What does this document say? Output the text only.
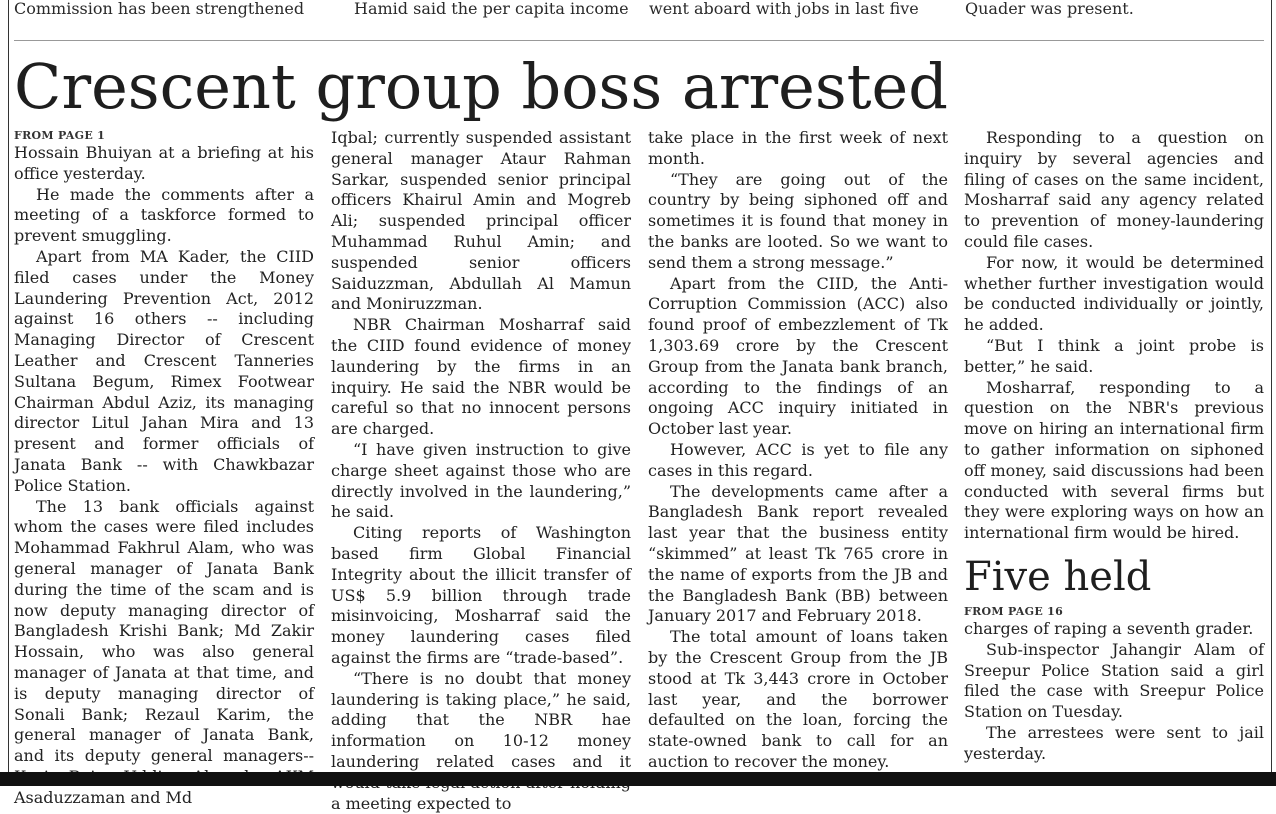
Commission has been strengthened	Hamid said the per capita income went aboard with jobs in last five	Quader was present.
Crescent group boss arrested
FROM PAGE 1

Hossain Bhuiyan at a briefing at his office yesterday.

He made the comments after a meeting of a taskforce formed to prevent smuggling.

Apart from MA Kader, the CIID filed cases under the Money Laundering Prevention Act, 2012 against 16 others -- including Managing Director of Crescent Leather and Crescent Tanneries Sultana Begum, Rimex Footwear Chairman Abdul Aziz, its managing director Litul Jahan Mira and 13 present and former officials of Janata Bank -- with Chawkbazar Police Station.

The 13 bank officials against whom the cases were filed includes Mohammad Fakhrul Alam, who was general manager of Janata Bank during the time of the scam and is now deputy managing director of Bangladesh Krishi Bank; Md Zakir Hossain, who was also general manager of Janata at that time, and is deputy managing director of Sonali Bank; Rezaul Karim, the general manager of Janata Bank, and its deputy general managers-- Asaduzzaman and Md

Iqbal; currently suspended assistant general manager Ataur Rahman Sarkar, suspended senior principal officers Khairul Amin and Mogreb Ali; suspended principal officer Muhammad Ruhul Amin; and suspended senior officers Saiduzzman, Abdullah Al Mamun and Moniruzzman.

NBR Chairman Mosharraf said the CIID found evidence of money laundering by the firms in an inquiry. He said the NBR would be careful so that no innocent persons are charged.

“I have given instruction to give charge sheet against those who are directly involved in the laundering,” he said.

Citing reports of Washington based firm Global Financial Integrity about the illicit transfer of US$ 5.9 billion through trade misinvoicing, Mosharraf said the money laundering cases filed against the firms are “trade-based”.

“There is no doubt that money laundering is taking place,” he said, adding that the NBR hae information on 10-12 money laundering related cases and it a meeting expected to

take place in the first week of next month.

“They are going out of the country by being siphoned off and sometimes it is found that money in the banks are looted. So we want to send them a strong message.”

Apart from the CIID, the Anti-Corruption Commission (ACC) also found proof of embezzlement of Tk 1,303.69 crore by the Crescent Group from the Janata bank branch, according to the findings of an ongoing ACC inquiry initiated in October last year.

However, ACC is yet to file any cases in this regard.

The developments came after a Bangladesh Bank report revealed last year that the business entity “skimmed” at least Tk 765 crore in the name of exports from the JB and the Bangladesh Bank (BB) between January 2017 and February 2018.

The total amount of loans taken by the Crescent Group from the JB stood at Tk 3,443 crore in October last year, and the borrower defaulted on the loan, forcing the state-owned bank to call for an auction to recover the money.

Responding to a question on inquiry by several agencies and filing of cases on the same incident, Mosharraf said any agency related to prevention of money-laundering could file cases.

For now, it would be determined whether further investigation would be conducted individually or jointly, he added.

“But I think a joint probe is better,” he said.

Mosharraf, responding to a question on the NBR's previous move on hiring an international firm to gather information on siphoned off money, said discussions had been conducted with several firms but they were exploring ways on how an international firm would be hired.

Five held
FROM PAGE 16

charges of raping a seventh grader.

Sub-inspector Jahangir Alam of Sreepur Police Station said a girl filed the case with Sreepur Police Station on Tuesday.

The arrestees were sent to jail yesterday.
